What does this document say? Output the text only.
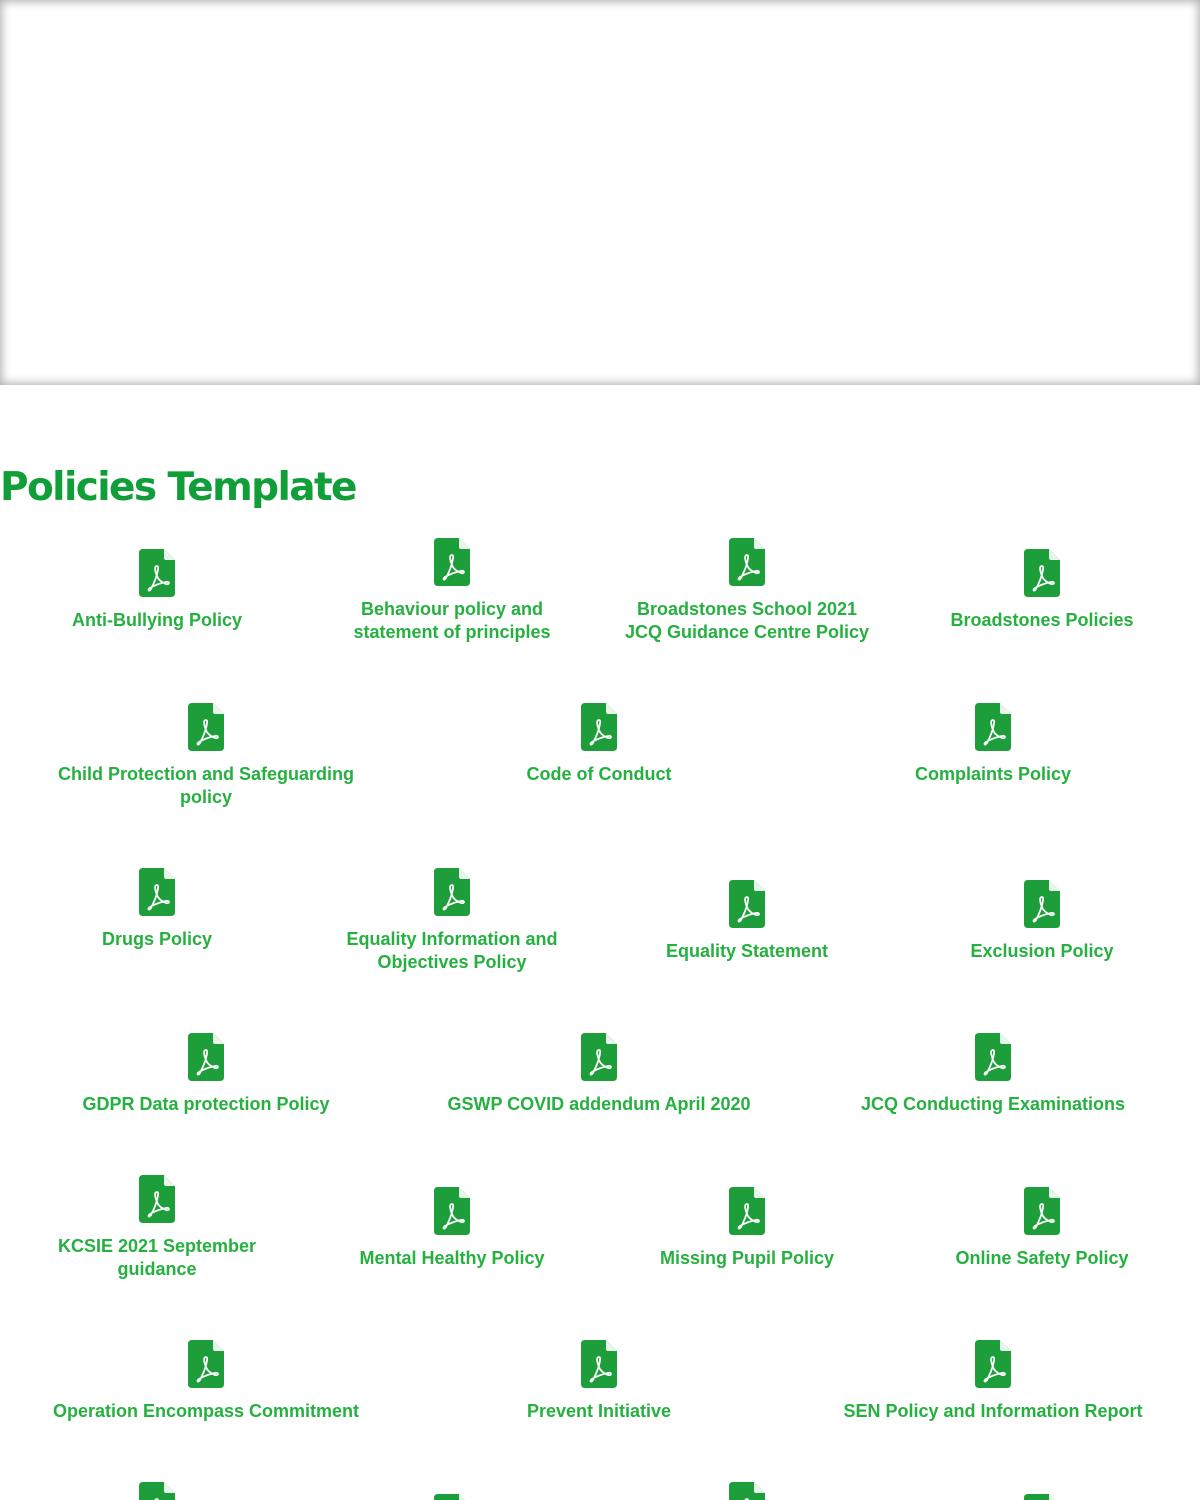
Policies Template
Anti-Bullying Policy
Behaviour policy and
statement of principles
Broadstones School 2021
JCQ Guidance Centre Policy
Broadstones Policies
Child Protection and Safeguarding
policy
Code of Conduct	Complaints Policy
Drugs Policy	Equality Information and
Objectives Policy
Equality Statement	Exclusion Policy
GDPR Data protection Policy	GSWP COVID addendum April 2020	JCQ Conducting Examinations
KCSIE 2021 September
guidance
Mental Healthy Policy	Missing Pupil Policy	Online Safety Policy
Operation Encompass Commitment	Prevent Initiative	SEN Policy and Information Report
